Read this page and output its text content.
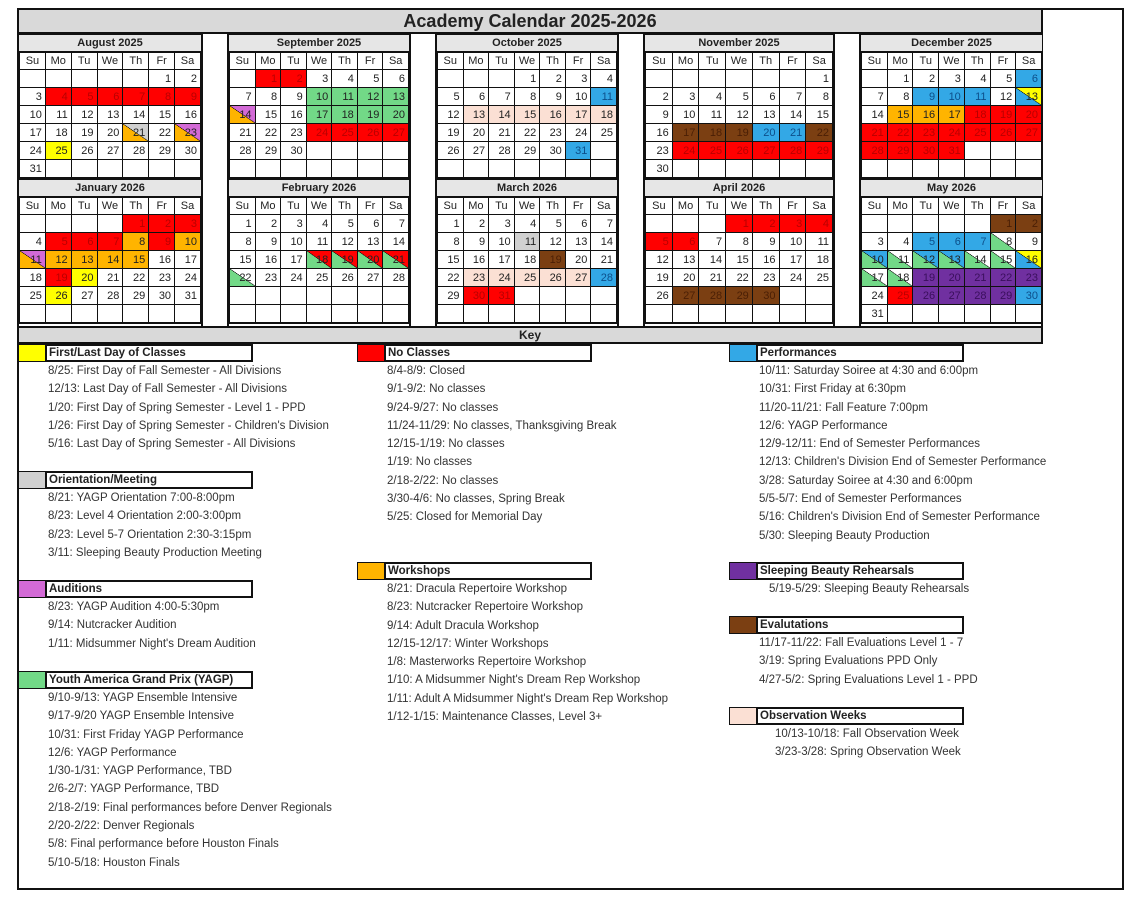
Academy Calendar 2025-2026
August 2025
Su	Mo	Tu	We	Th	Fr	Sa
					1	2
3	4	5	6	7	8	9
10	11	12	13	14	15	16
17	18	19	20	21	22	23
24	25	26	27	28	29	30
31						
September 2025
Su	Mo	Tu	We	Th	Fr	Sa
	1	2	3	4	5	6
7	8	9	10	11	12	13

14	15	16	17	18	19	20
21	22	23	24	25	26	27
28	29	30				

October 2025
Su	Mo	Tu	We	Th	Fr	Sa
			1	2	3	4
5	6	7	8	9	10	11
12	13	14	15	16	17	18
19	20	21	22	23	24	25
26	27	28	29	30	31	

November 2025
Su	Mo	Tu	We	Th	Fr	Sa
						1
2	3	4	5	6	7	8
9	10	11	12	13	14	15
16	17	18	19	20	21	22
23	24	25	26	27	28	29
30						
December 2025
Su	Mo	Tu	We	Th	Fr	Sa
	1	2	3	4	5	6
7	8	9	10	11	12	13
14	15	16	17	18	19	20
21	22	23	24	25	26	27
28	29	30	31			

January 2026
Su	Mo	Tu	We	Th	Fr	Sa
				1	2	3
4	5	6	7	8	9	10

11	12	13	14	15	16	17
18	19	20	21	22	23	24
25	26	27	28	29	30	31

February 2026
Su	Mo	Tu	We	Th	Fr	Sa
1	2	3	4	5	6	7
8	9	10	11	12	13	14
15	16	17	18	19	20	21

22	23	24	25	26	27	28

March 2026
Su	Mo	Tu	We	Th	Fr	Sa
1	2	3	4	5	6	7
8	9	10	11	12	13	14
15	16	17	18	19	20	21
22	23	24	25	26	27	28
29	30	31				

April 2026
Su	Mo	Tu	We	Th	Fr	Sa
			1	2	3	4
5	6	7	8	9	10	11
12	13	14	15	16	17	18
19	20	21	22	23	24	25
26	27	28	29	30		

May 2026
Su	Mo	Tu	We	Th	Fr	Sa
					1	2
3	4	5	6	7	8	9

10	11	12	13	14	15	16

17	18	19	20	21	22	23
24	25	26	27	28	29	30
31						
Key
First/Last Day of Classes
8/25: First Day of Fall Semester - All Divisions
12/13: Last Day of Fall Semester - All Divisions
1/20: First Day of Spring Semester - Level 1 - PPD
1/26: First Day of Spring Semester - Children's Division
5/16: Last Day of Spring Semester - All Divisions
Orientation/Meeting
8/21: YAGP Orientation 7:00-8:00pm
8/23: Level 4 Orientation 2:00-3:00pm
8/23: Level 5-7 Orientation 2:30-3:15pm
3/11: Sleeping Beauty Production Meeting
Auditions
8/23: YAGP Audition 4:00-5:30pm
9/14: Nutcracker Audition
1/11: Midsummer Night's Dream Audition
Youth America Grand Prix (YAGP)
9/10-9/13: YAGP Ensemble Intensive
9/17-9/20 YAGP Ensemble Intensive
10/31: First Friday YAGP Performance
12/6: YAGP Performance
1/30-1/31: YAGP Performance, TBD
2/6-2/7: YAGP Performance, TBD
2/18-2/19: Final performances before Denver Regionals
2/20-2/22: Denver Regionals
5/8: Final performance before Houston Finals
5/10-5/18: Houston Finals
No Classes
8/4-8/9: Closed
9/1-9/2: No classes
9/24-9/27: No classes
11/24-11/29: No classes, Thanksgiving Break
12/15-1/19: No classes
1/19: No classes
2/18-2/22: No classes
3/30-4/6: No classes, Spring Break
5/25: Closed for Memorial Day
Workshops
8/21: Dracula Repertoire Workshop
8/23: Nutcracker Repertoire Workshop
9/14: Adult Dracula Workshop
12/15-12/17: Winter Workshops
1/8: Masterworks Repertoire Workshop
1/10: A Midsummer Night's Dream Rep Workshop
1/11: Adult A Midsummer Night's Dream Rep Workshop
1/12-1/15: Maintenance Classes, Level 3+
Performances
10/11: Saturday Soiree at 4:30 and 6:00pm
10/31: First Friday at 6:30pm
11/20-11/21: Fall Feature 7:00pm
12/6: YAGP Performance
12/9-12/11: End of Semester Performances
12/13: Children's Division End of Semester Performance
3/28: Saturday Soiree at 4:30 and 6:00pm
5/5-5/7: End of Semester Performances
5/16: Children's Division End of Semester Performance
5/30: Sleeping Beauty Production
Sleeping Beauty Rehearsals
5/19-5/29: Sleeping Beauty Rehearsals
Evalutations
11/17-11/22: Fall Evaluations Level 1 - 7
3/19: Spring Evaluations PPD Only
4/27-5/2: Spring Evaluations Level 1 - PPD
Observation Weeks
10/13-10/18: Fall Observation Week
3/23-3/28: Spring Observation Week
